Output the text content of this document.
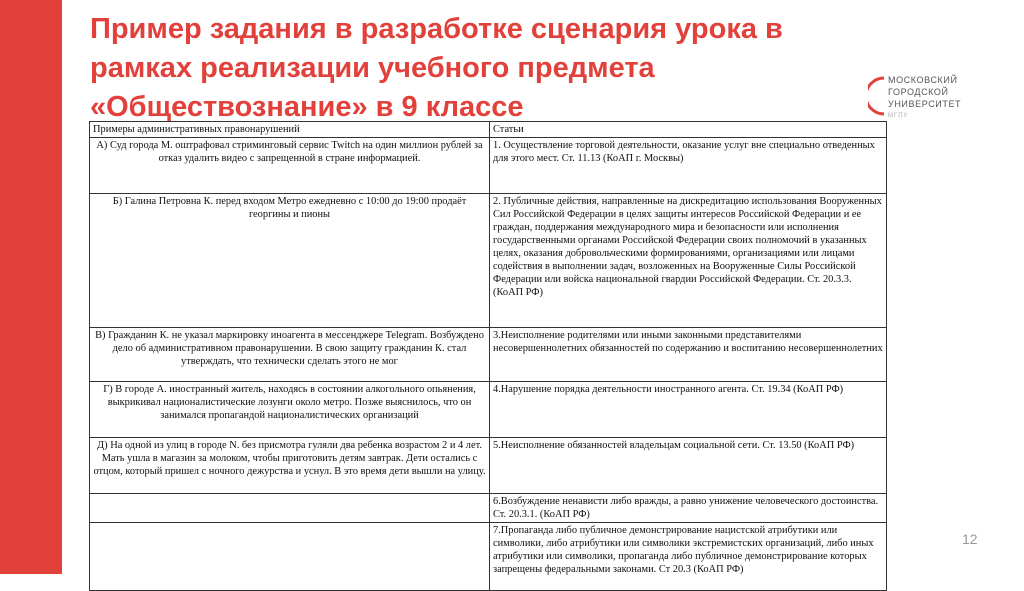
Пример задания в разработке сценария урока в рамках реализации учебного предмета «Обществознание» в 9 классе
МОСКОВСКИЙ
ГОРОДСКОЙ
УНИВЕРСИТЕТ
МГПУ
Примеры административных правонарушений	Статьи
А) Суд города М. оштрафовал стриминговый сервис Twitch на один миллион рублей за отказ удалить видео с запрещенной в стране информацией.	1. Осуществление торговой деятельности, оказание услуг вне специально отведенных для этого мест. Ст. 11.13 (КоАП г. Москвы)
Б) Галина Петровна К. перед входом Метро ежедневно с 10:00 до 19:00 продаёт георгины и пионы	2. Публичные действия, направленные на дискредитацию использования Вооруженных Сил Российской Федерации в целях защиты интересов Российской Федерации и ее граждан, поддержания международного мира и безопасности или исполнения государственными органами Российской Федерации своих полномочий в указанных целях, оказания добровольческими формированиями, организациями или лицами содействия в выполнении задач, возложенных на Вооруженные Силы Российской Федерации или войска национальной гвардии Российской Федерации. Ст. 20.3.3. (КоАП РФ)
В) Гражданин К. не указал маркировку иноагента в мессенджере Telegram. Возбуждено дело об административном правонарушении. В свою защиту гражданин К. стал утверждать, что технически сделать этого не мог	3.Неисполнение родителями или иными законными представителями несовершеннолетних обязанностей по содержанию и воспитанию несовершеннолетних
Г) В городе А. иностранный житель, находясь в состоянии алкогольного опьянения, выкрикивал националистические лозунги около метро. Позже выяснилось, что он занимался пропагандой националистических организаций	4.Нарушение порядка деятельности иностранного агента. Ст. 19.34 (КоАП РФ)
Д) На одной из улиц в городе N. без присмотра гуляли два ребенка возрастом 2 и 4 лет. Мать ушла в магазин за молоком, чтобы приготовить детям завтрак. Дети остались с отцом, который пришел с ночного дежурства и уснул. В это время дети вышли на улицу.	5.Неисполнение обязанностей владельцам социальной сети. Ст. 13.50 (КоАП РФ)
	6.Возбуждение ненависти либо вражды, а равно унижение человеческого достоинства. Ст. 20.3.1. (КоАП РФ)
	7.Пропаганда либо публичное демонстрирование нацистской атрибутики или символики, либо атрибутики или символики экстремистских организаций, либо иных атрибутики или символики, пропаганда либо публичное демонстрирование которых запрещены федеральными законами. Ст 20.3 (КоАП РФ)
12
